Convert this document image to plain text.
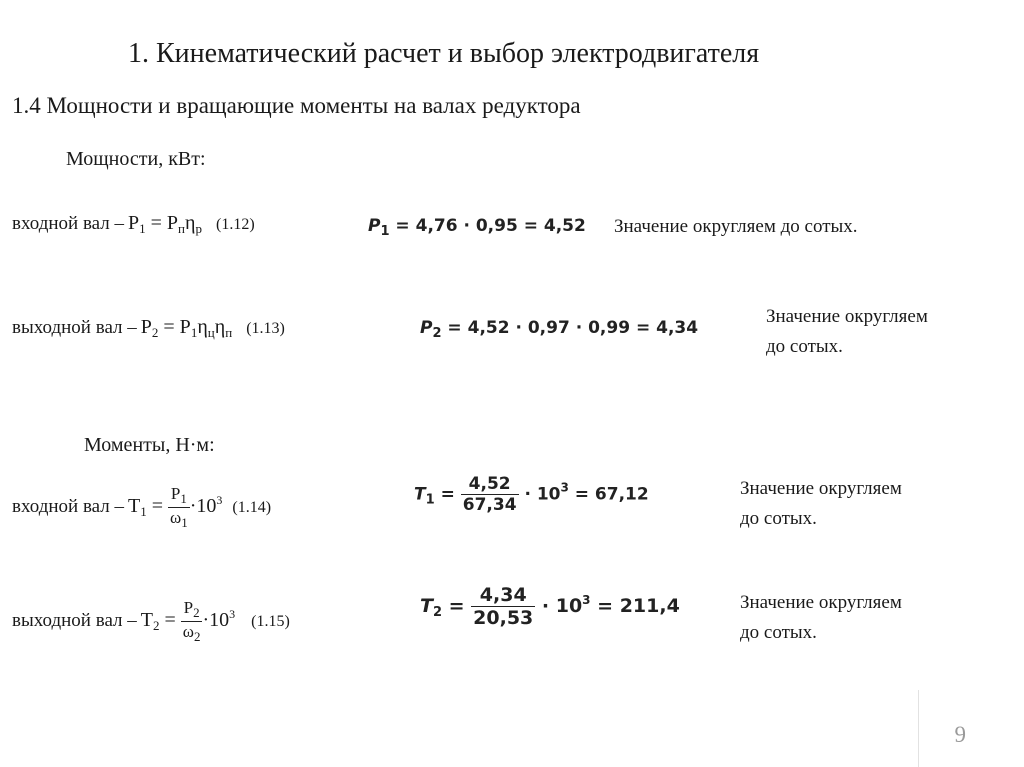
1. Кинематический расчет и выбор электродвигателя
1.4 Мощности и вращающие моменты на валах редуктора
Мощности, кВт:
входной вал – $P_1 = P_п\eta_р$ (1.12)	$P_1 = 4,76 \cdot 0,95 = 4,52$ Значение округляем до сотых.
выходной вал – $P_2 = P_1\eta_ц\eta_п$ (1.13)	$P_2 = 4,52 \cdot 0,97 \cdot 0,99 = 4,34$
Значение округляем
до сотых.
Моменты, Н·м:
входной вал – $T_1 = \frac{P_1}{\omega_1} \cdot 10^3$ (1.14)
$T_1 = \frac{4,52}{67,34} \cdot 10^3 = 67,12$	Значение округляем
до сотых.
выходной вал – $T_2 = \frac{P_2}{\omega_2} \cdot 10^3$ (1.15)
$T_2 = \frac{4,34}{20,53} \cdot 10^3 = 211,4$	Значение округляем
до сотых.
9
